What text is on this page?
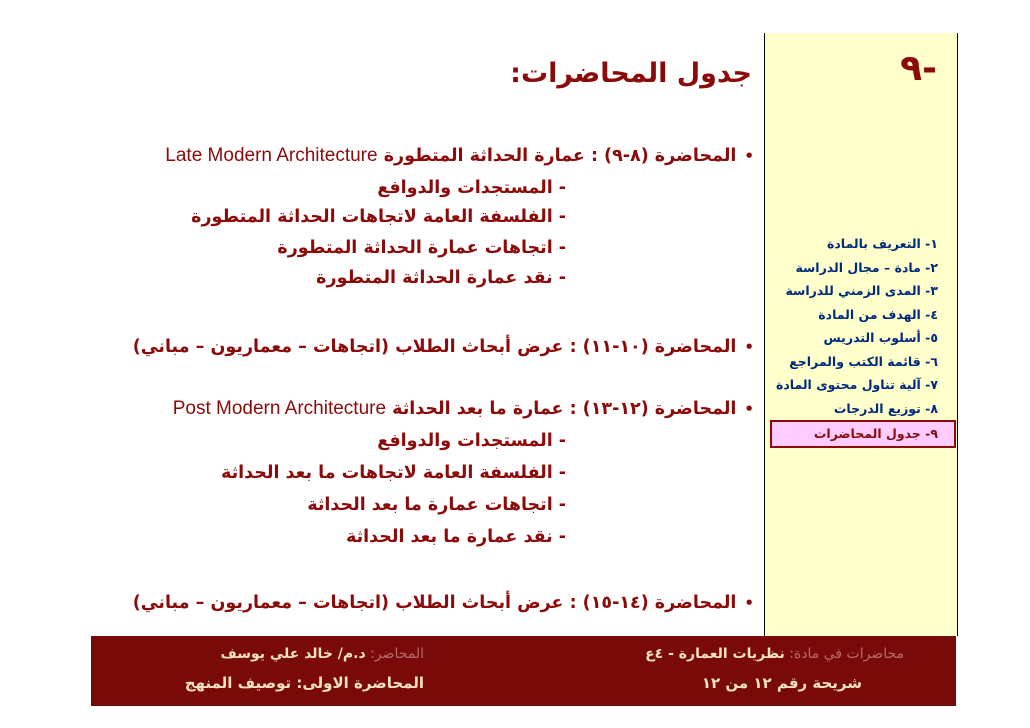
-٩
١- التعريف بالمادة
٢- مادة – مجال الدراسة
٣- المدى الزمني للدراسة
٤- الهدف من المادة
٥- أسلوب التدريس
٦- قائمة الكتب والمراجع
٧- آلية تناول محتوى المادة
٨- توزيع الدرجات
٩- جدول المحاضرات
جدول المحاضرات:
•المحاضرة (٨-٩) : عمارة الحداثة المتطورة Late Modern Architecture
-المستجدات والدوافع
-الفلسفة العامة لاتجاهات الحداثة المتطورة
-اتجاهات عمارة الحداثة المتطورة
-نقد عمارة الحداثة المتطورة
•المحاضرة (١٠-١١) : عرض أبحاث الطلاب (اتجاهات – معماريون – مباني)
•المحاضرة (١٢-١٣) : عمارة ما بعد الحداثة Post Modern Architecture
-المستجدات والدوافع
-الفلسفة العامة لاتجاهات ما بعد الحداثة
-اتجاهات عمارة ما بعد الحداثة
-نقد عمارة ما بعد الحداثة
•المحاضرة (١٤-١٥) : عرض أبحاث الطلاب (اتجاهات – معماريون – مباني)
محاضرات في مادة: نظريات العمارة - ٤ع
المحاضر: د.م/ خالد علي يوسف
شريحة رقم ١٢ من ١٢
المحاضرة الاولى: توصيف المنهج
